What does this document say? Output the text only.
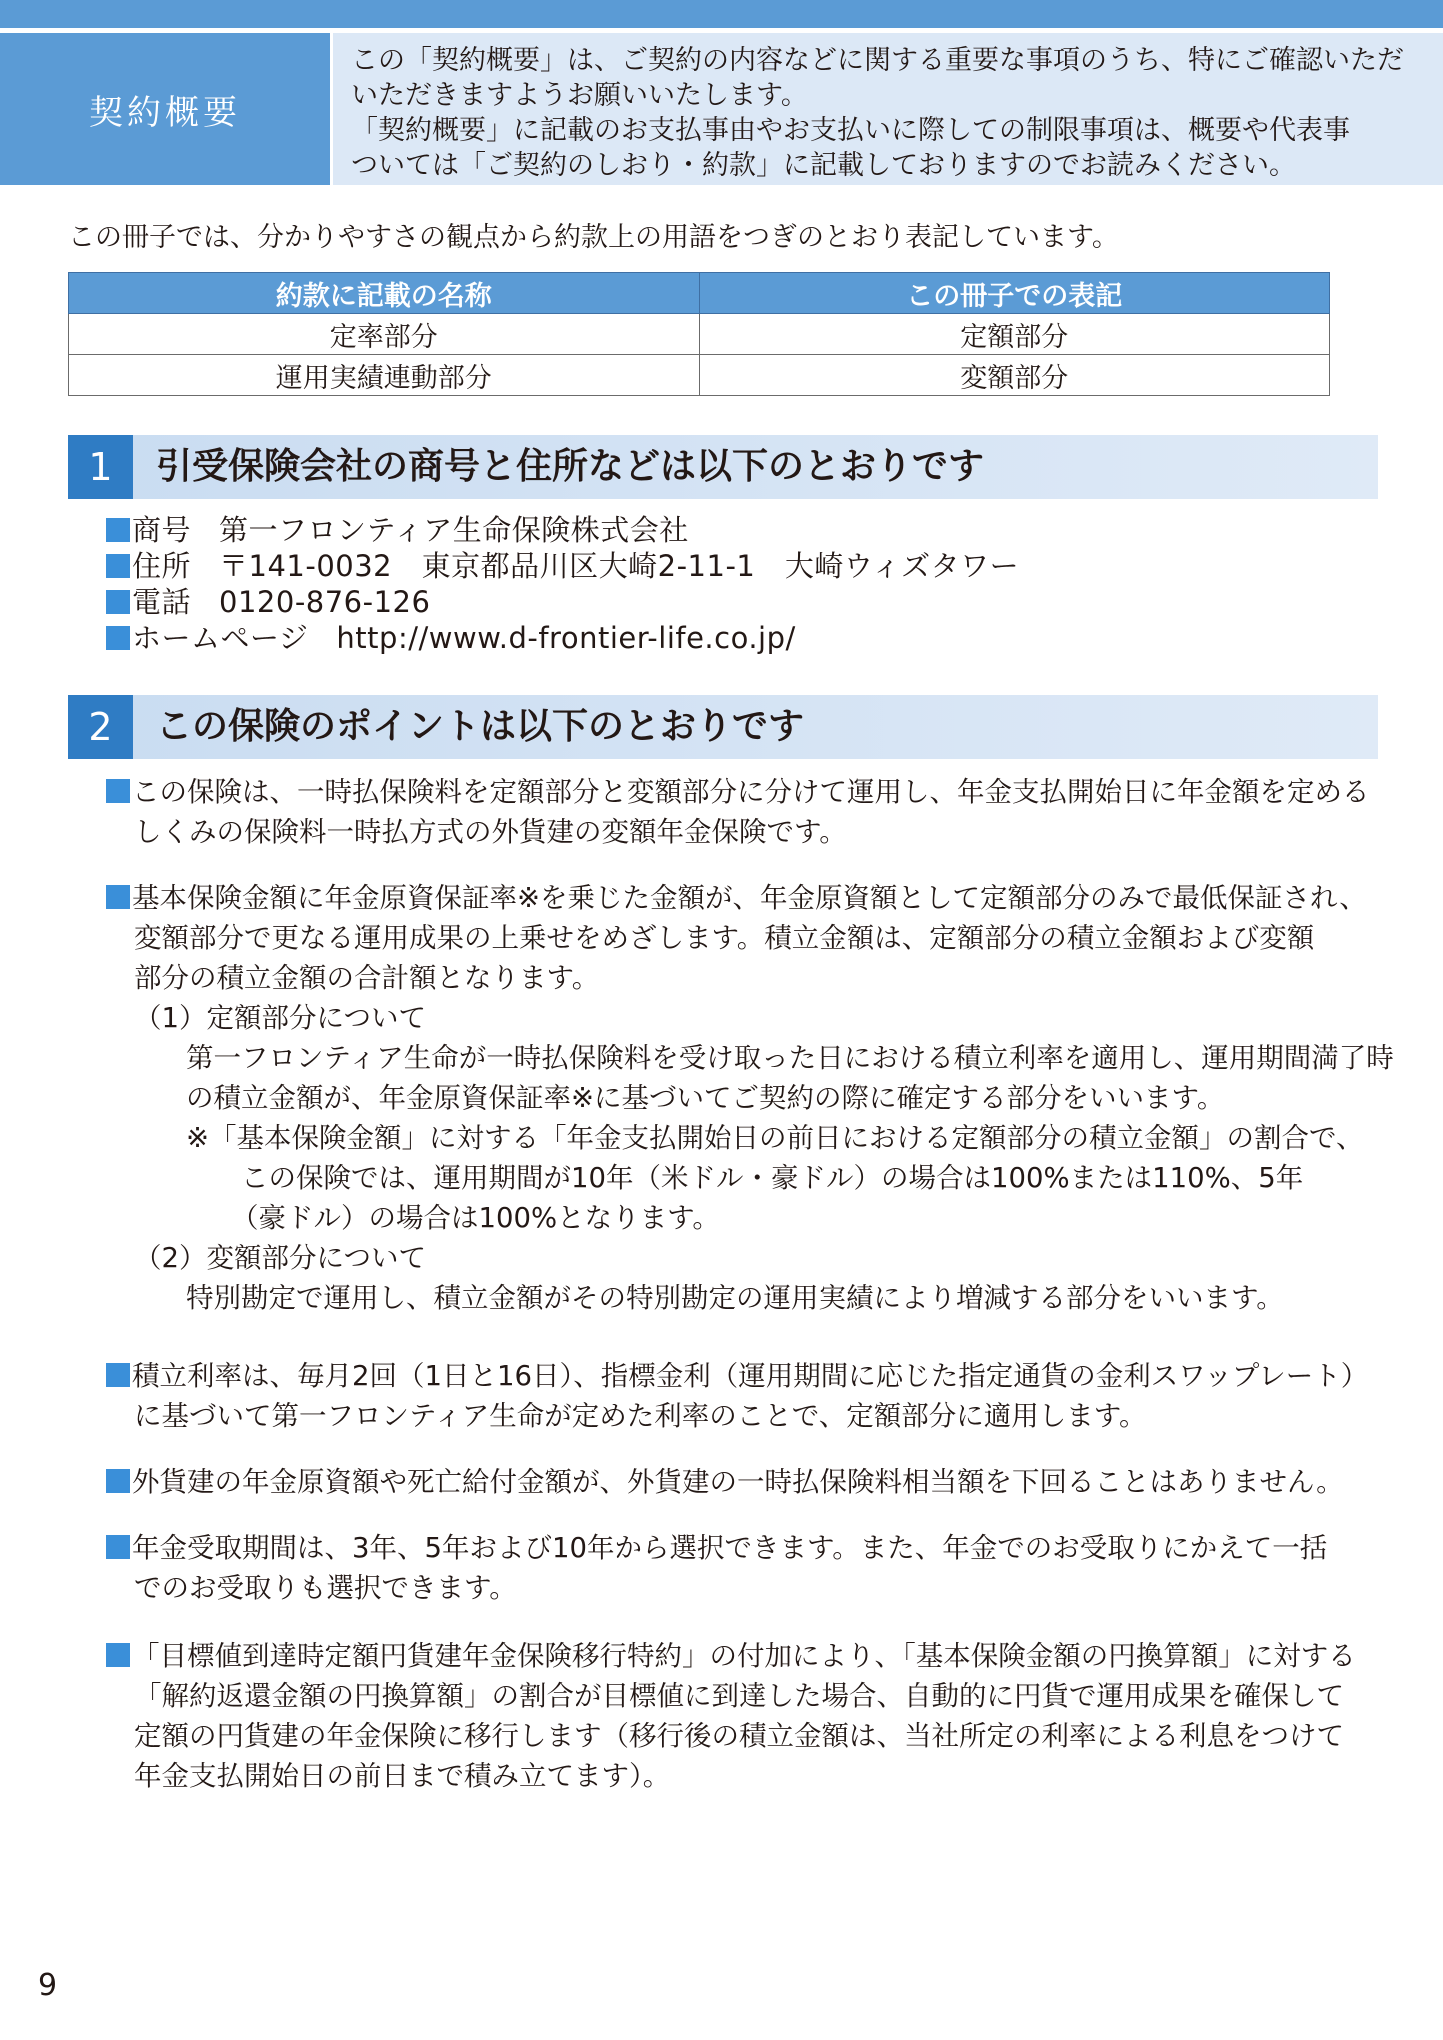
契約概要
この「契約概要」は、ご契約の内容などに関する重要な事項のうち、特にご確認いただ
いただきますようお願いいたします。
「契約概要」に記載のお支払事由やお支払いに際しての制限事項は、概要や代表事
ついては「ご契約のしおり・約款」に記載しておりますのでお読みください。
この冊子では、分かりやすさの観点から約款上の用語をつぎのとおり表記しています。
約款に記載の名称	この冊子での表記
定率部分	定額部分
運用実績連動部分	変額部分
1	引受保険会社の商号と住所などは以下のとおりです
商号 第一フロンティア生命保険株式会社
住所 〒141-0032　東京都品川区大崎2-11-1　大崎ウィズタワー
電話 0120-876-126
ホームページ http://www.d-frontier-life.co.jp/
2	この保険のポイントは以下のとおりです
この保険は、一時払保険料を定額部分と変額部分に分けて運用し、年金支払開始日に年金額を定める
しくみの保険料一時払方式の外貨建の変額年金保険です。
基本保険金額に年金原資保証率※を乗じた金額が、年金原資額として定額部分のみで最低保証され、
変額部分で更なる運用成果の上乗せをめざします。積立金額は、定額部分の積立金額および変額
部分の積立金額の合計額となります。
（1）定額部分について
第一フロンティア生命が一時払保険料を受け取った日における積立利率を適用し、運用期間満了時
の積立金額が、年金原資保証率※に基づいてご契約の際に確定する部分をいいます。
※「基本保険金額」に対する「年金支払開始日の前日における定額部分の積立金額」の割合で、
この保険では、運用期間が10年（米ドル・豪ドル）の場合は100%または110%、5年
（豪ドル）の場合は100%となります。
（2）変額部分について
特別勘定で運用し、積立金額がその特別勘定の運用実績により増減する部分をいいます。
積立利率は、毎月2回（1日と16日）、指標金利（運用期間に応じた指定通貨の金利スワップレート）
に基づいて第一フロンティア生命が定めた利率のことで、定額部分に適用します。
外貨建の年金原資額や死亡給付金額が、外貨建の一時払保険料相当額を下回ることはありません。
年金受取期間は、3年、5年および10年から選択できます。また、年金でのお受取りにかえて一括
でのお受取りも選択できます。
「目標値到達時定額円貨建年金保険移行特約」の付加により、「基本保険金額の円換算額」に対する
「解約返還金額の円換算額」の割合が目標値に到達した場合、自動的に円貨で運用成果を確保して
定額の円貨建の年金保険に移行します（移行後の積立金額は、当社所定の利率による利息をつけて
年金支払開始日の前日まで積み立てます）。
9
